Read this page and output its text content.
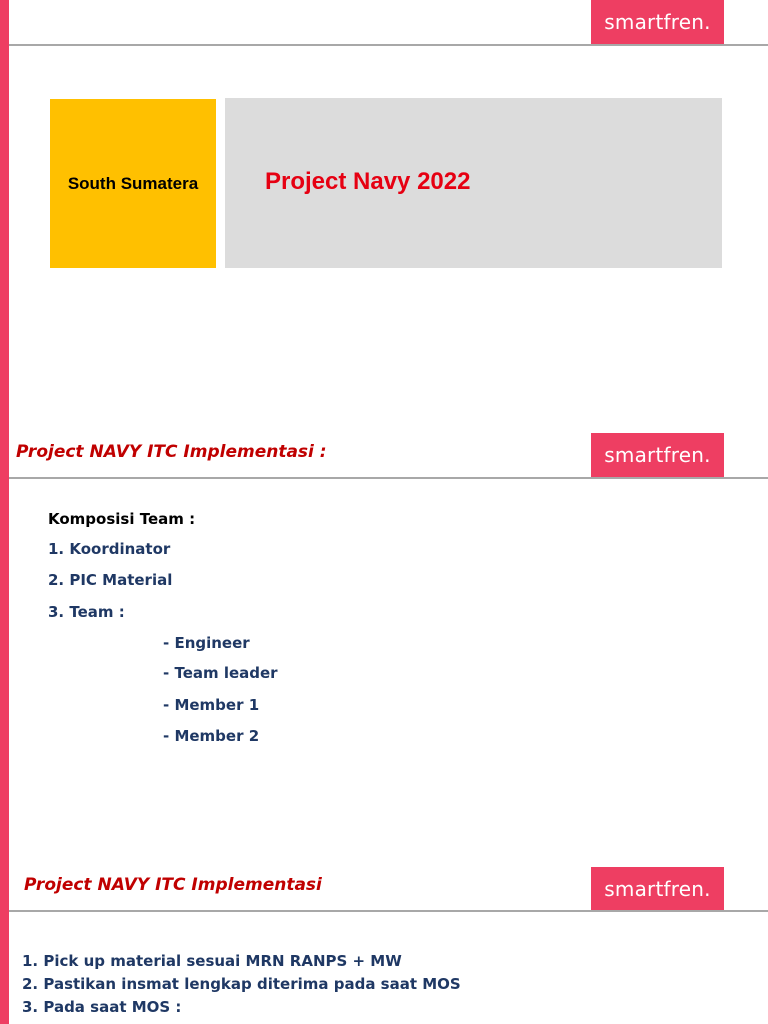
smartfren.
South Sumatera	Project Navy 2022
Project NAVY ITC Implementasi :	smartfren.
Komposisi Team :
1. Koordinator
2. PIC Material
3. Team :
- Engineer
- Team leader
- Member 1
- Member 2
Project NAVY ITC Implementasi	smartfren.
1. Pick up material sesuai MRN RANPS + MW
2. Pastikan insmat lengkap diterima pada saat MOS
3. Pada saat MOS :
